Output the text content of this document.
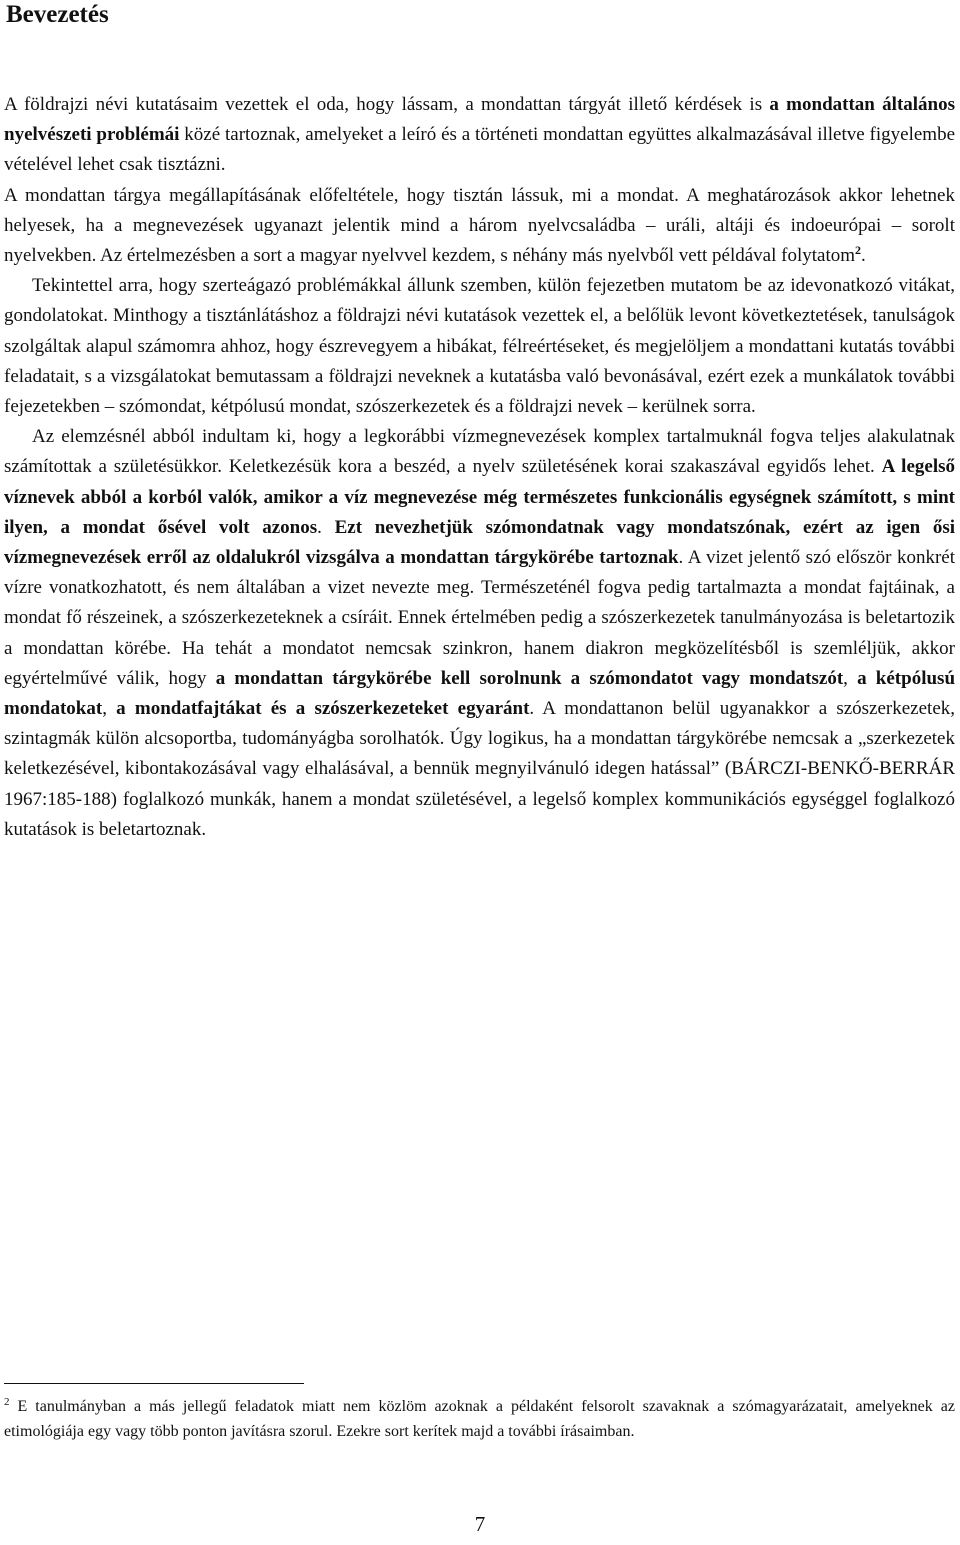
Bevezetés

A földrajzi névi kutatásaim vezettek el oda, hogy lássam, a mondattan tárgyát illető kérdések is a mondattan általános nyelvészeti problémái közé tartoznak, amelyeket a leíró és a történeti mondattan együttes alkalmazásával illetve figyelembe vételével lehet csak tisztázni.

A mondattan tárgya megállapításának előfeltétele, hogy tisztán lássuk, mi a mondat. A meghatározások akkor lehetnek helyesek, ha a megnevezések ugyanazt jelentik mind a három nyelvcsaládba – uráli, altáji és indoeurópai – sorolt nyelvekben. Az értelmezésben a sort a magyar nyelvvel kezdem, s néhány más nyelvből vett példával folytatom$^2$.

Tekintettel arra, hogy szerteágazó problémákkal állunk szemben, külön fejezetben mutatom be az idevonatkozó vitákat, gondolatokat. Minthogy a tisztánlátáshoz a földrajzi névi kutatások vezettek el, a belőlük levont következtetések, tanulságok szolgáltak alapul számomra ahhoz, hogy észrevegyem a hibákat, félreértéseket, és megjelöljem a mondattani kutatás további feladatait, s a vizsgálatokat bemutassam a földrajzi neveknek a kutatásba való bevonásával, ezért ezek a munkálatok további fejezetekben – szómondat, kétpólusú mondat, szószerkezetek és a földrajzi nevek – kerülnek sorra.

Az elemzésnél abból indultam ki, hogy a legkorábbi vízmegnevezések komplex tartalmuknál fogva teljes alakulatnak számítottak a születésükkor. Keletkezésük kora a beszéd, a nyelv születésének korai szakaszával egyidős lehet. A legelső víznevek abból a korból valók, amikor a víz megnevezése még természetes funkcionális egységnek számított, s mint ilyen, a mondat ősével volt azonos. Ezt nevezhetjük szómondatnak vagy mondatszónak, ezért az igen ősi vízmegnevezések erről az oldalukról vizsgálva a mondattan tárgykörébe tartoznak. A vizet jelentő szó először konkrét vízre vonatkozhatott, és nem általában a vizet nevezte meg. Természeténél fogva pedig tartalmazta a mondat fajtáinak, a mondat fő részeinek, a szószerkezeteknek a csíráit. Ennek értelmében pedig a szószerkezetek tanulmányozása is beletartozik a mondattan körébe. Ha tehát a mondatot nemcsak szinkron, hanem diakron megközelítésből is szemléljük, akkor egyértelművé válik, hogy a mondattan tárgykörébe kell sorolnunk a szómondatot vagy mondatszót, a kétpólusú mondatokat, a mondatfajtákat és a szószerkezeteket egyaránt. A mondattanon belül ugyanakkor a szószerkezetek, szintagmák külön alcsoportba, tudományágba sorolhatók. Úgy logikus, ha a mondattan tárgykörébe nemcsak a „szerkezetek keletkezésével, kibontakozásával vagy elhalásával, a bennük megnyilvánuló idegen hatással” (BÁRCZI-BENKŐ-BERRÁR 1967:185-188) foglalkozó munkák, hanem a mondat születésével, a legelső komplex kommunikációs egységgel foglalkozó kutatások is beletartoznak.

$^2$ E tanulmányban a más jellegű feladatok miatt nem közlöm azoknak a példaként felsorolt szavaknak a szómagyarázatait, amelyeknek az etimológiája egy vagy több ponton javításra szorul. Ezekre sort kerítek majd a további írásaimban.

7
